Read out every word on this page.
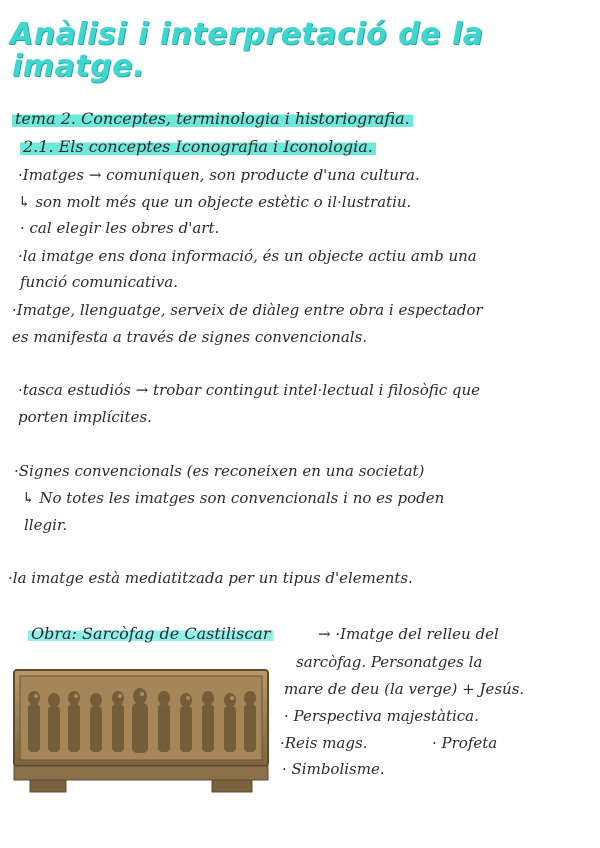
Anàlisi i interpretació de la
imatge.
tema 2. Conceptes, terminologia i historiografia.
2.1. Els conceptes Iconografia i Iconologia.
·Imatges → comuniquen, son producte d'una cultura.
↳ son molt més que un objecte estètic o il·lustratiu.
· cal elegir les obres d'art.
·la imatge ens dona informació, és un objecte actiu amb una
funció comunicativa.
·Imatge, llenguatge, serveix de diàleg entre obra i espectador
es manifesta a través de signes convencionals.
·tasca estudiós → trobar contingut intel·lectual i filosòfic que
porten implícites.
·Signes convencionals (es reconeixen en una societat)
↳ No totes les imatges son convencionals i no es poden
llegir.
·la imatge està mediatitzada per un tipus d'elements.
Obra: Sarcòfag de Castiliscar	→ ·Imatge del relleu del
sarcòfag. Personatges la
mare de deu (la verge) + Jesús.
· Perspectiva majestàtica.
·Reis mags.	· Profeta
· Simbolisme.
